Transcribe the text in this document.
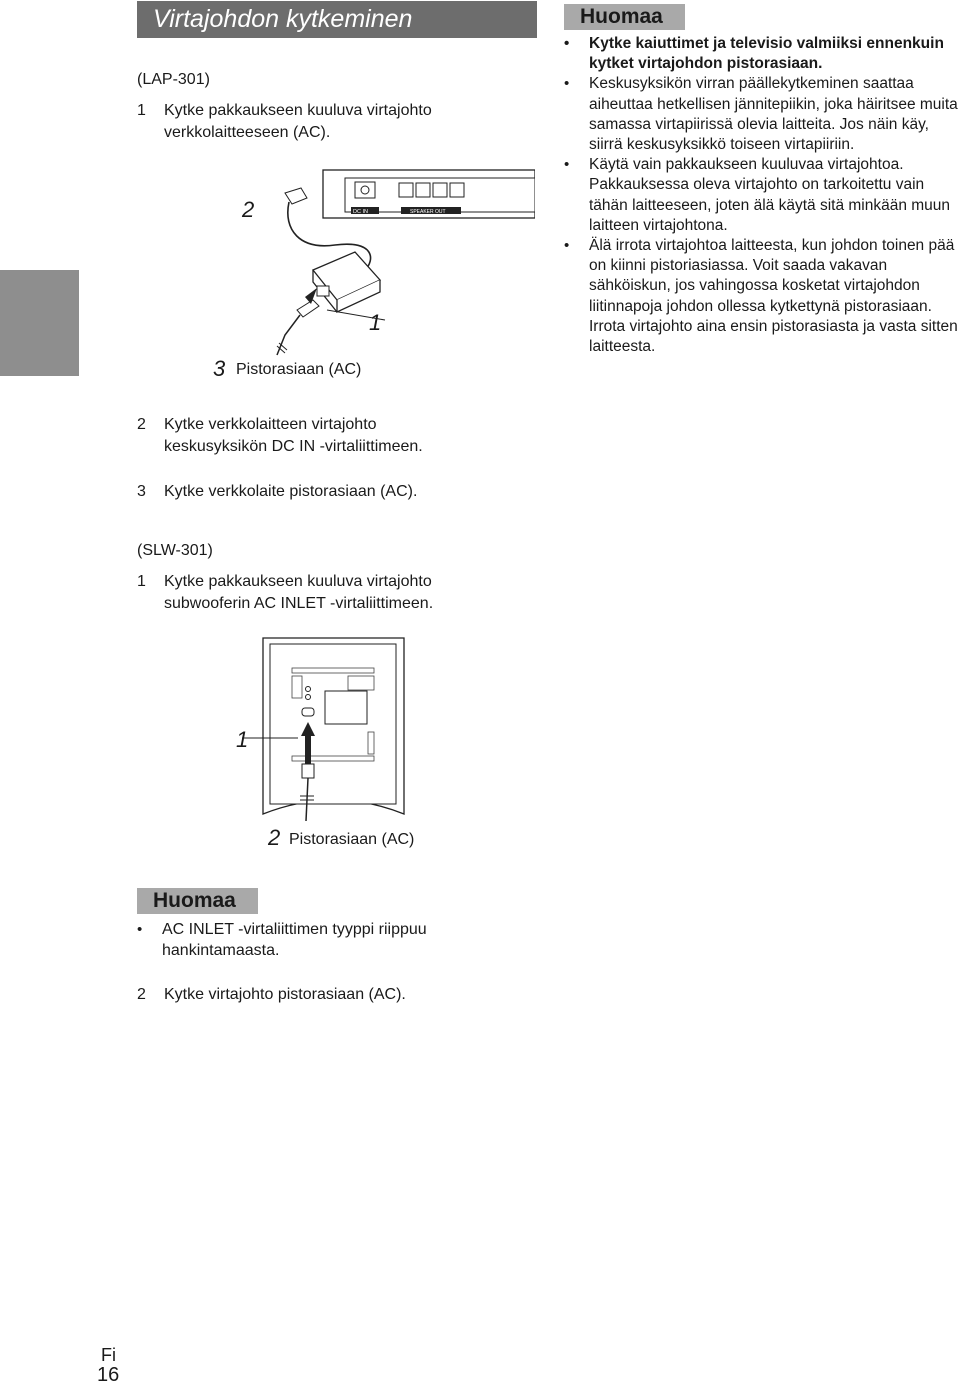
Virtajohdon kytkeminen
(LAP-301)
1 Kytke pakkaukseen kuuluva virtajohto verkkolaitteeseen (AC).
DC IN	SPEAKER OUT
2
1
3 Pistorasiaan (AC)
2 Kytke verkkolaitteen virtajohto keskusyksikön DC IN -virtaliittimeen.
3 Kytke verkkolaite pistorasiaan (AC).
Huomaa
• Kytke kaiuttimet ja televisio valmiiksi ennenkuin kytket virtajohdon pistorasiaan.
• Keskusyksikön virran päällekytkeminen saattaa aiheuttaa hetkellisen jännitepiikin, joka häiritsee muita samassa virtapiirissä olevia laitteita. Jos näin käy, siirrä keskusyksikkö toiseen virtapiiriin.
• Käytä vain pakkaukseen kuuluvaa virtajohtoa. Pakkauksessa oleva virtajohto on tarkoitettu vain tähän laitteeseen, joten älä käytä sitä minkään muun laitteen virtajohtona.
• Älä irrota virtajohtoa laitteesta, kun johdon toinen pää on kiinni pistoriasiassa. Voit saada vakavan sähköiskun, jos vahingossa kosketat virtajohdon liitinnapoja johdon ollessa kytkettynä pistorasiaan. Irrota virtajohto aina ensin pistorasiasta ja vasta sitten laitteesta.
(SLW-301)
1 Kytke pakkaukseen kuuluva virtajohto subwooferin AC INLET -virtaliittimeen.
1
2 Pistorasiaan (AC)
Huomaa
• AC INLET -virtaliittimen tyyppi riippuu hankintamaasta.
2 Kytke virtajohto pistorasiaan (AC).
Fi
16
